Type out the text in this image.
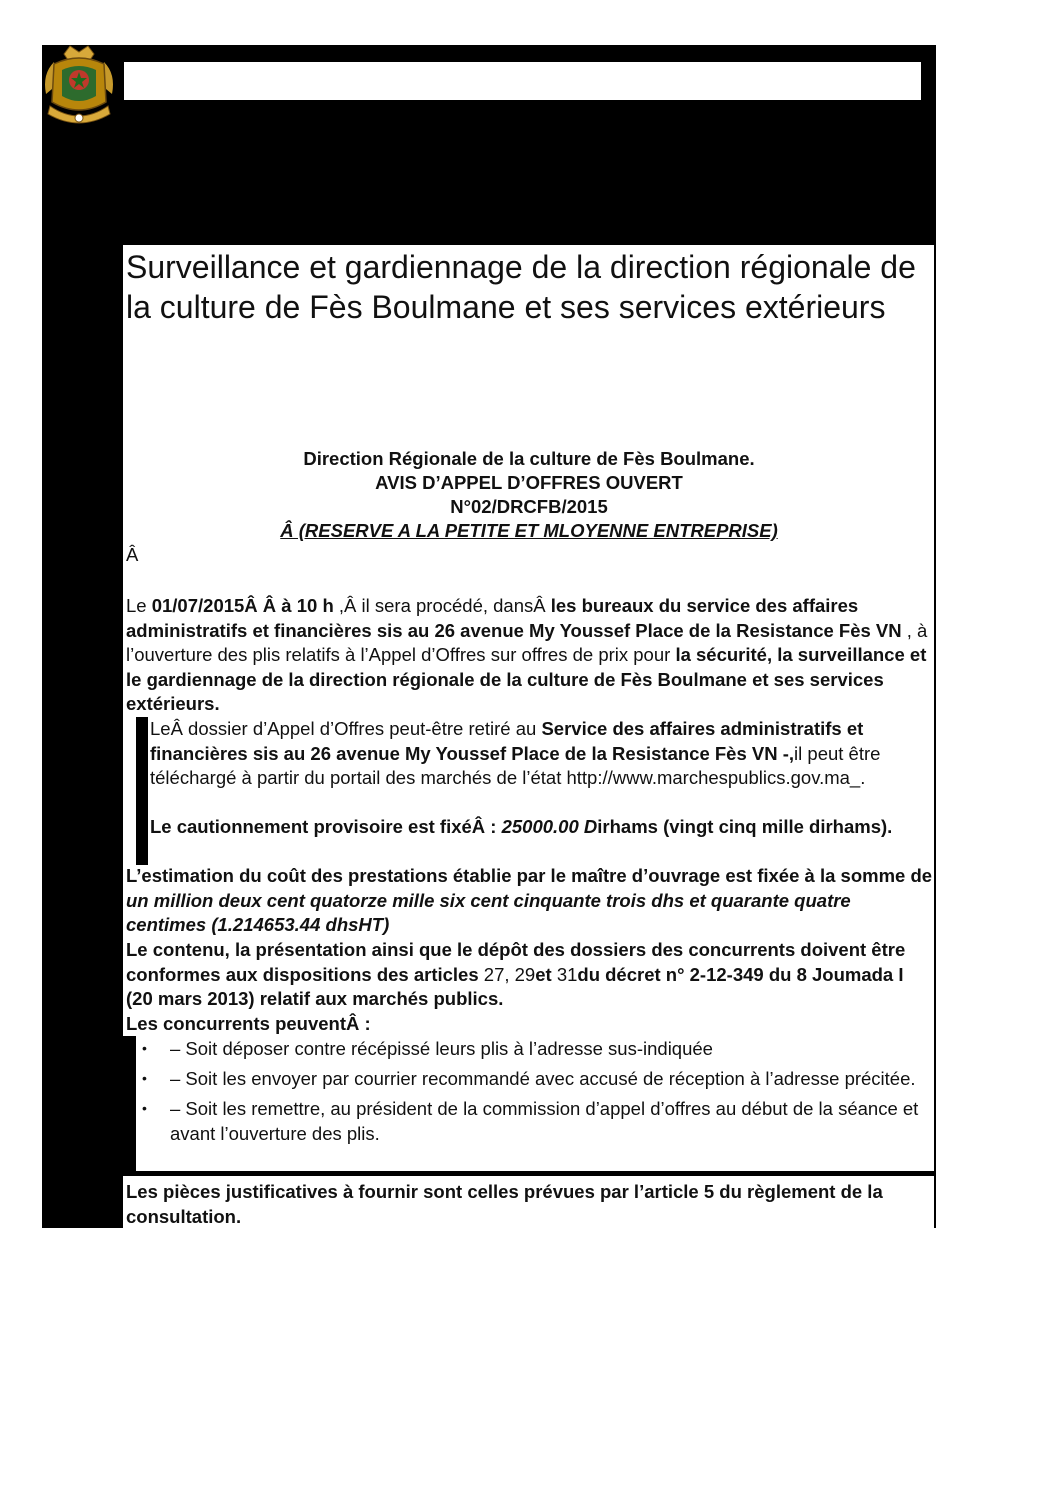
Surveillance et gardiennage de la direction régionale de la culture de Fès Boulmane et ses services extérieurs
Direction Régionale de la culture de Fès Boulmane.
AVIS D’APPEL D’OFFRES OUVERT
N°02/DRCFB/2015
Â (RESERVE A LA PETITE ET MLOYENNE ENTREPRISE)
Â
Le 01/07/2015Â Â à 10 h ,Â il sera procédé, dansÂ les bureaux du service des affaires administratifs et financières sis au 26 avenue My Youssef Place de la Resistance Fès VN , à l’ouverture des plis relatifs à l’Appel d’Offres sur offres de prix pour la sécurité, la surveillance et le gardiennage de la direction régionale de la culture de Fès Boulmane et ses services extérieurs.
LeÂ dossier d’Appel d’Offres peut-être retiré au Service des affaires administratifs et financières sis au 26 avenue My Youssef Place de la Resistance Fès VN -,il peut être téléchargé à partir du portail des marchés de l’état http://www.marchespublics.gov.ma_.
Le cautionnement provisoire est fixéÂ : 25000.00 Dirhams (vingt cinq mille dirhams).
L’estimation du coût des prestations établie par le maître d’ouvrage est fixée à la somme de un million deux cent quatorze mille six cent cinquante trois dhs et quarante quatre centimes (1.214653.44 dhsHT)
Le contenu, la présentation ainsi que le dépôt des dossiers des concurrents doivent être conformes aux dispositions des articles 27, 29et 31du décret n° 2-12-349 du 8 Joumada I (20 mars 2013) relatif aux marchés publics.
Les concurrents peuventÂ :
• – Soit déposer contre récépissé leurs plis à l’adresse sus-indiquée
• – Soit les envoyer par courrier recommandé avec accusé de réception à l’adresse précitée.
• – Soit les remettre, au président de la commission d’appel d’offres au début de la séance et avant l’ouverture des plis.
Les pièces justificatives à fournir sont celles prévues par l’article 5 du règlement de la consultation.
